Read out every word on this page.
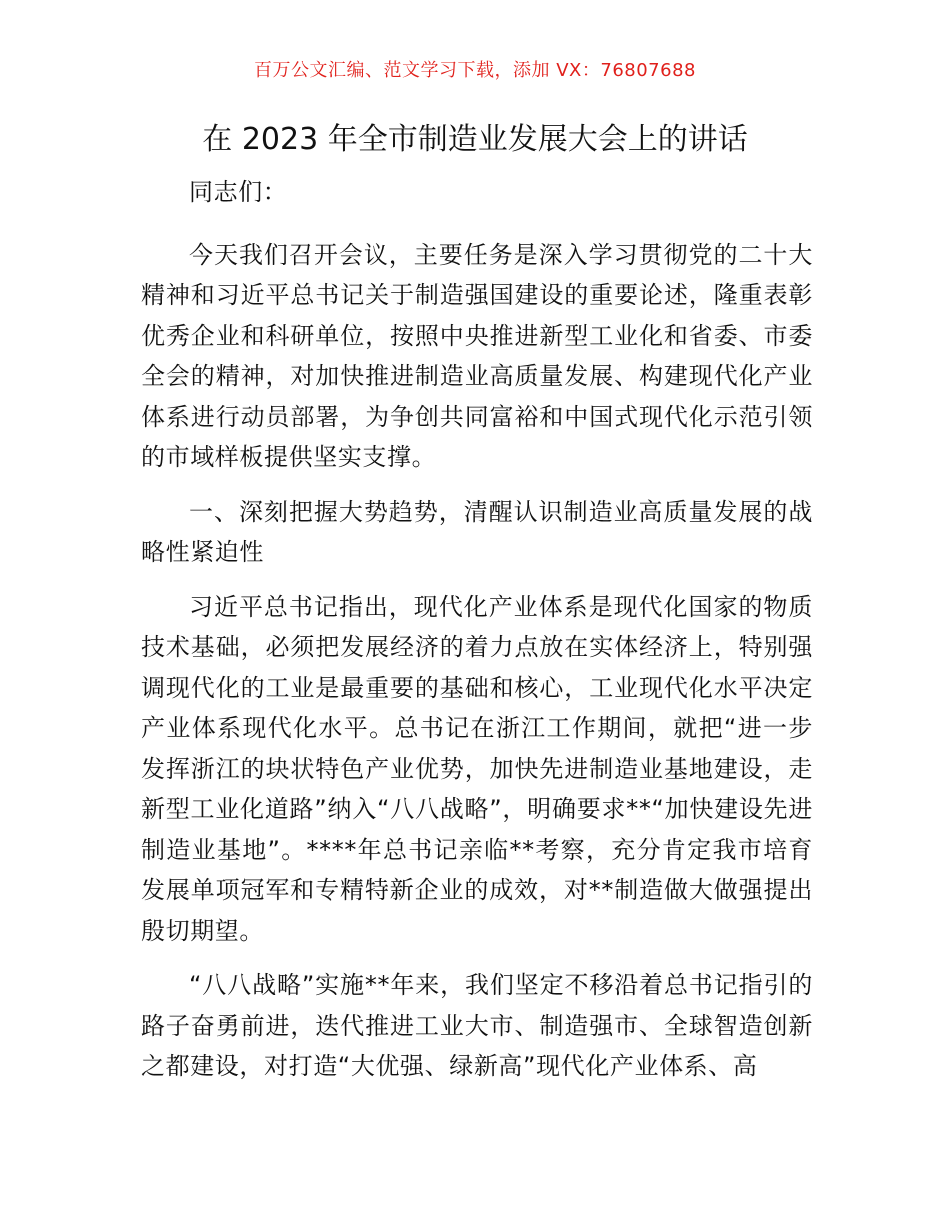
百万公文汇编、范文学习下载，添加 VX：76807688
在 2023 年全市制造业发展大会上的讲话

同志们：

今天我们召开会议，主要任务是深入学习贯彻党的二十大精神和习近平总书记关于制造强国建设的重要论述，隆重表彰优秀企业和科研单位，按照中央推进新型工业化和省委、市委全会的精神，对加快推进制造业高质量发展、构建现代化产业体系进行动员部署，为争创共同富裕和中国式现代化示范引领的市域样板提供坚实支撑。

一、深刻把握大势趋势，清醒认识制造业高质量发展的战略性紧迫性

习近平总书记指出，现代化产业体系是现代化国家的物质技术基础，必须把发展经济的着力点放在实体经济上，特别强调现代化的工业是最重要的基础和核心，工业现代化水平决定产业体系现代化水平。总书记在浙江工作期间，就把“进一步发挥浙江的块状特色产业优势，加快先进制造业基地建设，走新型工业化道路”纳入“八八战略”，明确要求**“加快建设先进制造业基地”。****年总书记亲临**考察，充分肯定我市培育发展单项冠军和专精特新企业的成效，对**制造做大做强提出殷切期望。

“八八战略”实施**年来，我们坚定不移沿着总书记指引的路子奋勇前进，迭代推进工业大市、制造强市、全球智造创新之都建设，对打造“大优强、绿新高”现代化产业体系、高
